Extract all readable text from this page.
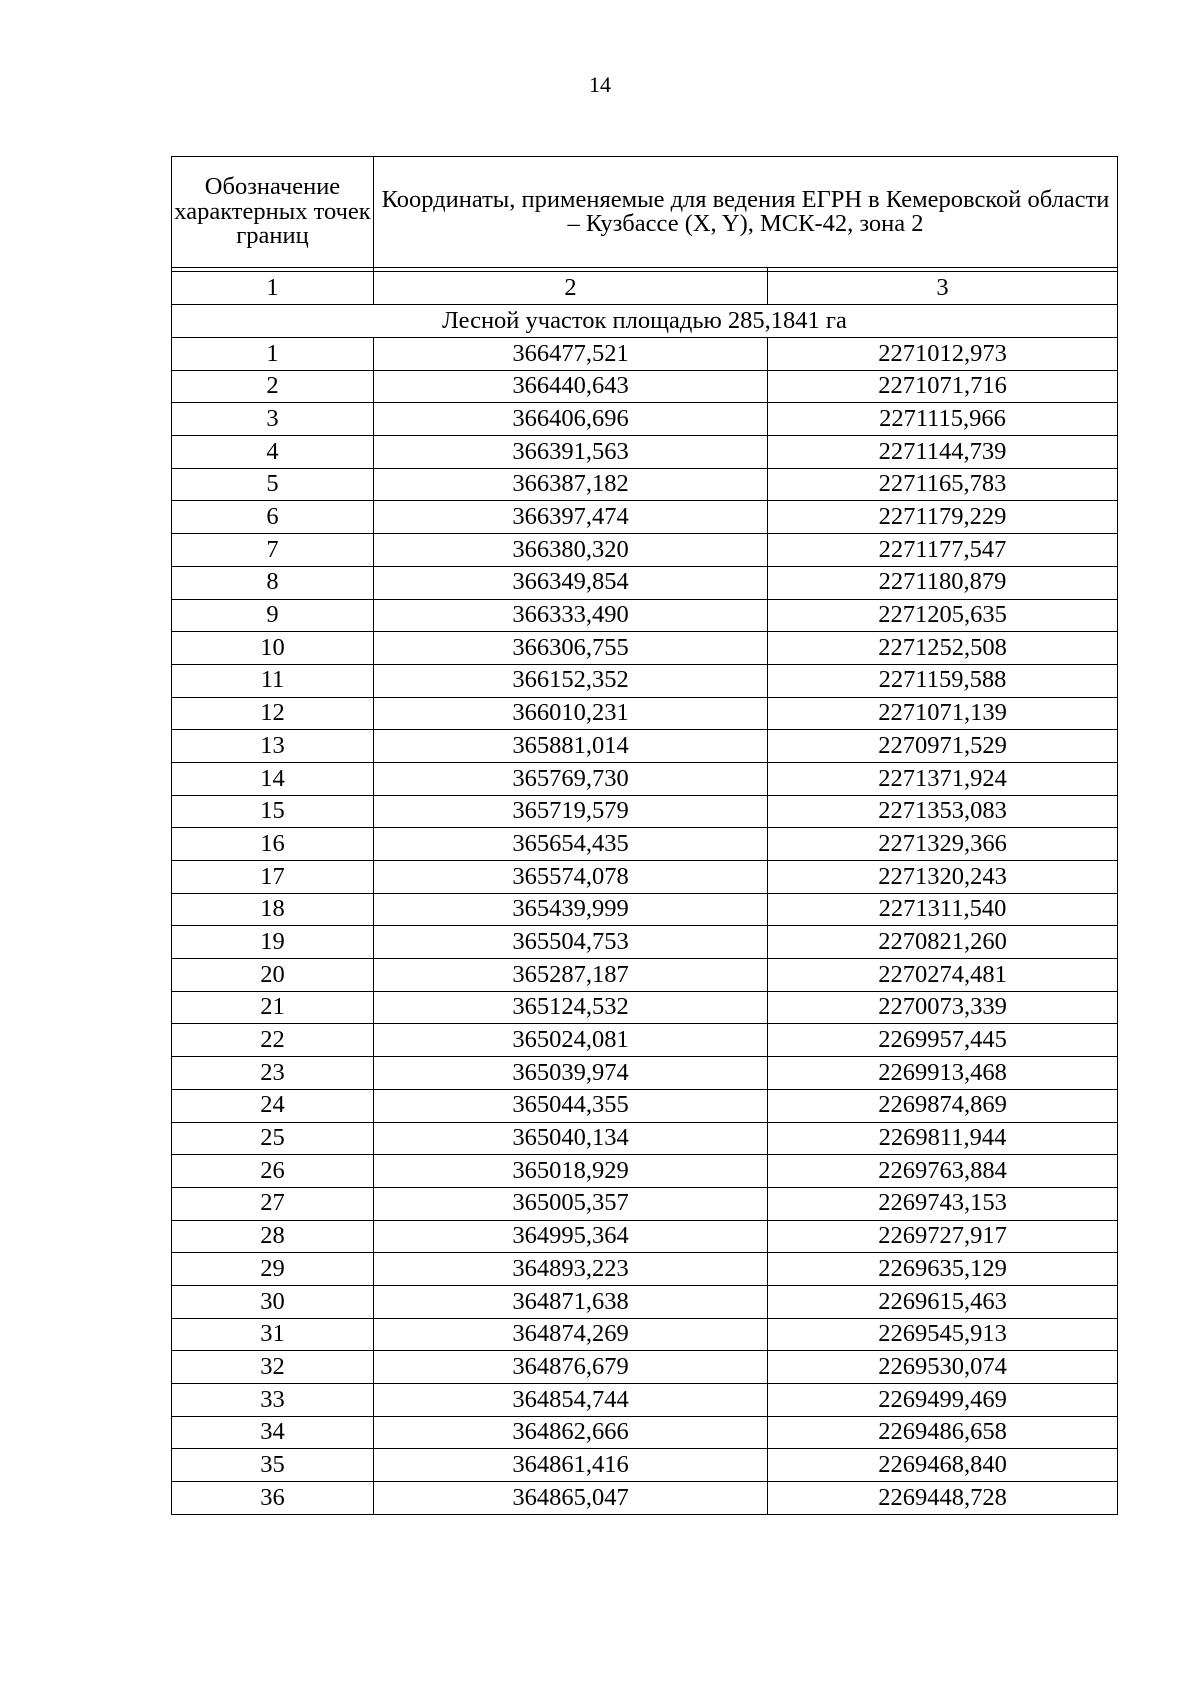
14
Обозначение характерных точек границ	Координаты, применяемые для ведения ЕГРН в Кемеровской области – Кузбассе (X, Y), МСК-42, зона 2	

1	2	3
Лесной участок площадью 285,1841 га		
1	366477,521	2271012,973
2	366440,643	2271071,716
3	366406,696	2271115,966
4	366391,563	2271144,739
5	366387,182	2271165,783
6	366397,474	2271179,229
7	366380,320	2271177,547
8	366349,854	2271180,879
9	366333,490	2271205,635
10	366306,755	2271252,508
11	366152,352	2271159,588
12	366010,231	2271071,139
13	365881,014	2270971,529
14	365769,730	2271371,924
15	365719,579	2271353,083
16	365654,435	2271329,366
17	365574,078	2271320,243
18	365439,999	2271311,540
19	365504,753	2270821,260
20	365287,187	2270274,481
21	365124,532	2270073,339
22	365024,081	2269957,445
23	365039,974	2269913,468
24	365044,355	2269874,869
25	365040,134	2269811,944
26	365018,929	2269763,884
27	365005,357	2269743,153
28	364995,364	2269727,917
29	364893,223	2269635,129
30	364871,638	2269615,463
31	364874,269	2269545,913
32	364876,679	2269530,074
33	364854,744	2269499,469
34	364862,666	2269486,658
35	364861,416	2269468,840
36	364865,047	2269448,728
